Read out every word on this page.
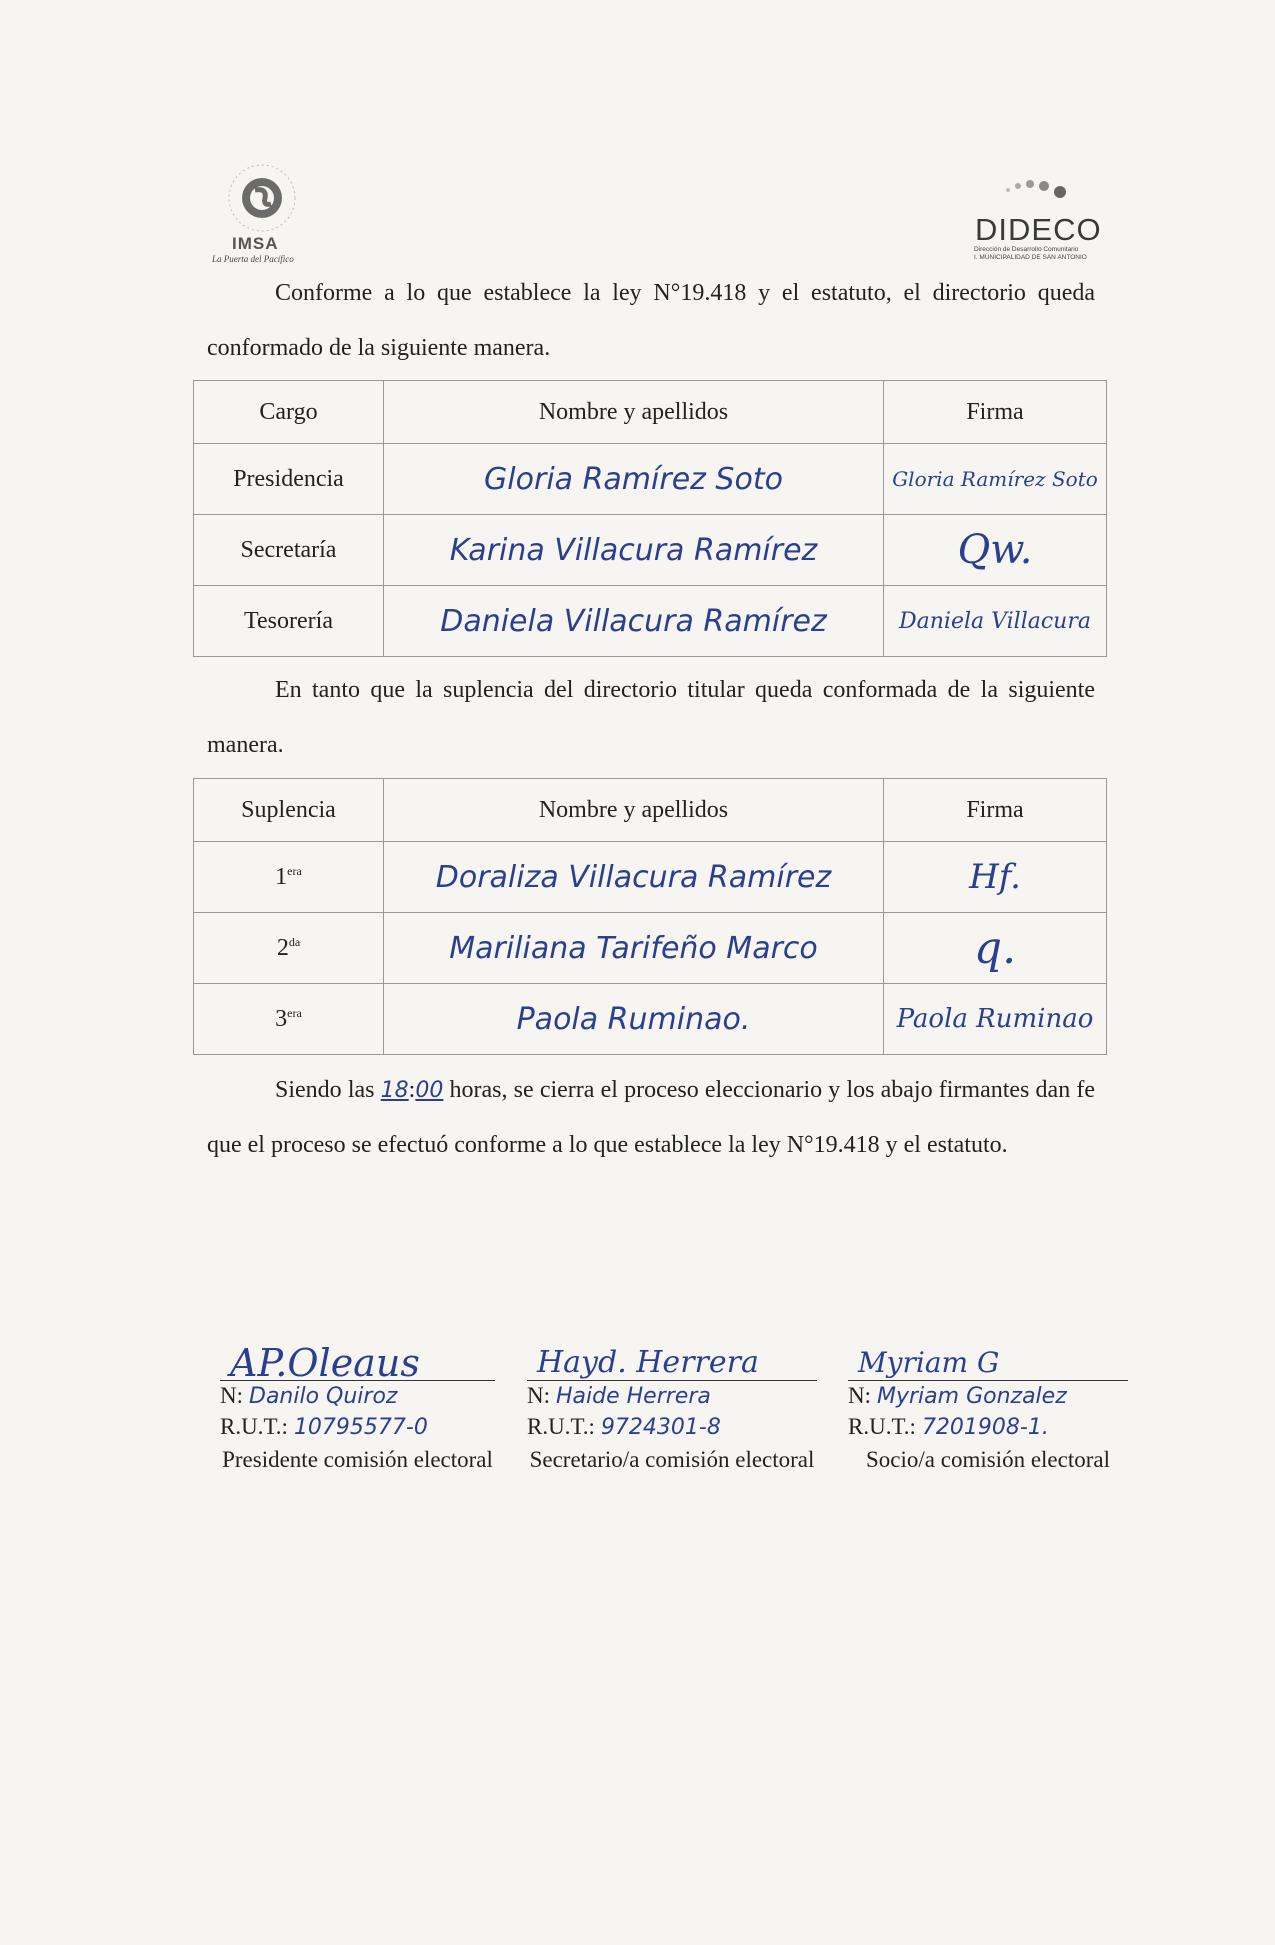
IMSA
La Puerta del Pacífico
DIDECO
Dirección de Desarrollo Comunitario
I. MUNICIPALIDAD DE SAN ANTONIO
Conforme a lo que establece la ley N°19.418 y el estatuto, el directorio queda conformado de la siguiente manera.
Cargo	Nombre y apellidos	Firma
Presidencia	Gloria Ramírez Soto	Gloria Ramírez Soto
Secretaría	Karina Villacura Ramírez	Qw.
Tesorería	Daniela Villacura Ramírez	Daniela Villacura
En tanto que la suplencia del directorio titular queda conformada de la siguiente manera.
Suplencia	Nombre y apellidos	Firma
$1^{era}$	Doraliza Villacura Ramírez	Hf.
$2^{da}$	Mariliana Tarifeño Marco	q.
$3^{era}$	Paola Ruminao.	Paola Ruminao
Siendo las 18:00 horas, se cierra el proceso eleccionario y los abajo firmantes dan fe que el proceso se efectuó conforme a lo que establece la ley N°19.418 y el estatuto.
AP.Oleaus
N: Danilo Quiroz
R.U.T.: 10795577-0
Presidente comisión electoral
Hayd. Herrera
N: Haide Herrera
R.U.T.: 9724301-8
Secretario/a comisión electoral
Myriam G
N: Myriam Gonzalez
R.U.T.: 7201908-1.
Socio/a comisión electoral
